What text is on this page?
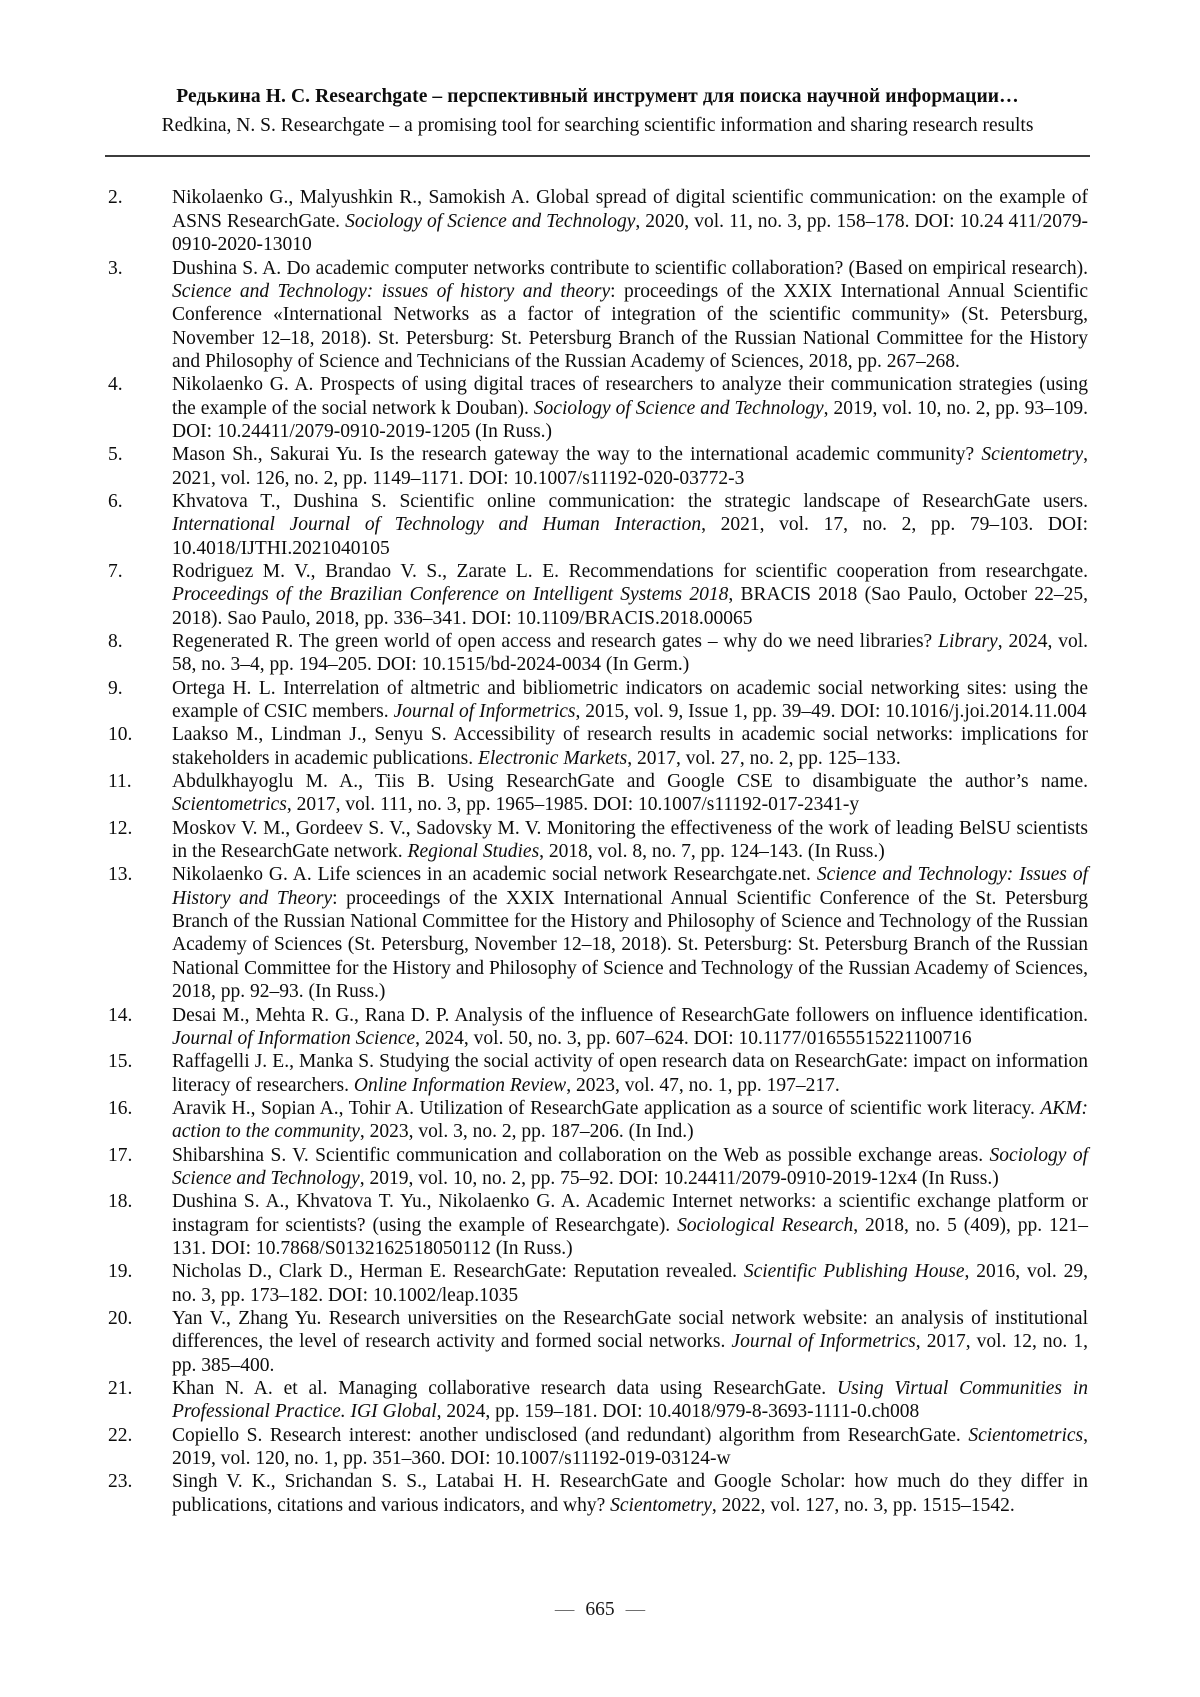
Редькина Н. С. Researchgate – перспективный инструмент для поиска научной информации…
Redkina, N. S. Researchgate – a promising tool for searching scientific information and sharing research results
2.	Nikolaenko G., Malyushkin R., Samokish A. Global spread of digital scientific communication: on the example of ASNS ResearchGate. Sociology of Science and Technology, 2020, vol. 11, no. 3, pp. 158–178. DOI: 10.24 411/2079-0910-2020-13010
3.	Dushina S. A. Do academic computer networks contribute to scientific collaboration? (Based on empirical research). Science and Technology: issues of history and theory: proceedings of the XXIX International Annual Scientific Conference «International Networks as a factor of integration of the scientific community» (St. Petersburg, November 12–18, 2018). St. Petersburg: St. Petersburg Branch of the Russian National Committee for the History and Philosophy of Science and Technicians of the Russian Academy of Sciences, 2018, pp. 267–268.
4.	Nikolaenko G. A. Prospects of using digital traces of researchers to analyze their communication strategies (using the example of the social network k Douban). Sociology of Science and Technology, 2019, vol. 10, no. 2, pp. 93–109. DOI: 10.24411/2079-0910-2019-1205 (In Russ.)
5.	Mason Sh., Sakurai Yu. Is the research gateway the way to the international academic community? Scientometry, 2021, vol. 126, no. 2, pp. 1149–1171. DOI: 10.1007/s11192-020-03772-3
6.	Khvatova T., Dushina S. Scientific online communication: the strategic landscape of ResearchGate users. International Journal of Technology and Human Interaction, 2021, vol. 17, no. 2, pp. 79–103. DOI: 10.4018/IJTHI.2021040105
7.	Rodriguez M. V., Brandao V. S., Zarate L. E. Recommendations for scientific cooperation from researchgate. Proceedings of the Brazilian Conference on Intelligent Systems 2018, BRACIS 2018 (Sao Paulo, October 22–25, 2018). Sao Paulo, 2018, pp. 336–341. DOI: 10.1109/BRACIS.2018.00065
8.	Regenerated R. The green world of open access and research gates – why do we need libraries? Library, 2024, vol. 58, no. 3–4, pp. 194–205. DOI: 10.1515/bd-2024-0034 (In Germ.)
9.	Ortega H. L. Interrelation of altmetric and bibliometric indicators on academic social networking sites: using the example of CSIC members. Journal of Informetrics, 2015, vol. 9, Issue 1, pp. 39–49. DOI: 10.1016/j.joi.2014.11.004
10.	Laakso M., Lindman J., Senyu S. Accessibility of research results in academic social networks: implications for stakeholders in academic publications. Electronic Markets, 2017, vol. 27, no. 2, pp. 125–133.
11.	Abdulkhayoglu M. A., Tiis B. Using ResearchGate and Google CSE to disambiguate the author’s name. Scientometrics, 2017, vol. 111, no. 3, pp. 1965–1985. DOI: 10.1007/s11192-017-2341-y
12.	Moskov V. M., Gordeev S. V., Sadovsky M. V. Monitoring the effectiveness of the work of leading BelSU scientists in the ResearchGate network. Regional Studies, 2018, vol. 8, no. 7, pp. 124–143. (In Russ.)
13.	Nikolaenko G. A. Life sciences in an academic social network Researchgate.net. Science and Technology: Issues of History and Theory: proceedings of the XXIX International Annual Scientific Conference of the St. Petersburg Branch of the Russian National Committee for the History and Philosophy of Science and Technology of the Russian Academy of Sciences (St. Petersburg, November 12–18, 2018). St. Petersburg: St. Petersburg Branch of the Russian National Committee for the History and Philosophy of Science and Technology of the Russian Academy of Sciences, 2018, pp. 92–93. (In Russ.)
14.	Desai M., Mehta R. G., Rana D. P. Analysis of the influence of ResearchGate followers on influence identification. Journal of Information Science, 2024, vol. 50, no. 3, pp. 607–624. DOI: 10.1177/01655515221100716
15.	Raffagelli J. E., Manka S. Studying the social activity of open research data on ResearchGate: impact on information literacy of researchers. Online Information Review, 2023, vol. 47, no. 1, pp. 197–217.
16.	Aravik H., Sopian A., Tohir A. Utilization of ResearchGate application as a source of scientific work literacy. AKM: action to the community, 2023, vol. 3, no. 2, pp. 187–206. (In Ind.)
17.	Shibarshina S. V. Scientific communication and collaboration on the Web as possible exchange areas. Sociology of Science and Technology, 2019, vol. 10, no. 2, pp. 75–92. DOI: 10.24411/2079-0910-2019-12x4 (In Russ.)
18.	Dushina S. A., Khvatova T. Yu., Nikolaenko G. A. Academic Internet networks: a scientific exchange platform or instagram for scientists? (using the example of Researchgate). Sociological Research, 2018, no. 5 (409), pp. 121–131. DOI: 10.7868/S0132162518050112 (In Russ.)
19.	Nicholas D., Clark D., Herman E. ResearchGate: Reputation revealed. Scientific Publishing House, 2016, vol. 29, no. 3, pp. 173–182. DOI: 10.1002/leap.1035
20.	Yan V., Zhang Yu. Research universities on the ResearchGate social network website: an analysis of institutional differences, the level of research activity and formed social networks. Journal of Informetrics, 2017, vol. 12, no. 1, pp. 385–400.
21.	Khan N. A. et al. Managing collaborative research data using ResearchGate. Using Virtual Communities in Professional Practice. IGI Global, 2024, pp. 159–181. DOI: 10.4018/979-8-3693-1111-0.ch008
22.	Copiello S. Research interest: another undisclosed (and redundant) algorithm from ResearchGate. Scientometrics, 2019, vol. 120, no. 1, pp. 351–360. DOI: 10.1007/s11192-019-03124-w
23.	Singh V. K., Srichandan S. S., Latabai H. H. ResearchGate and Google Scholar: how much do they differ in publications, citations and various indicators, and why? Scientometry, 2022, vol. 127, no. 3, pp. 1515–1542.
— 665 —
